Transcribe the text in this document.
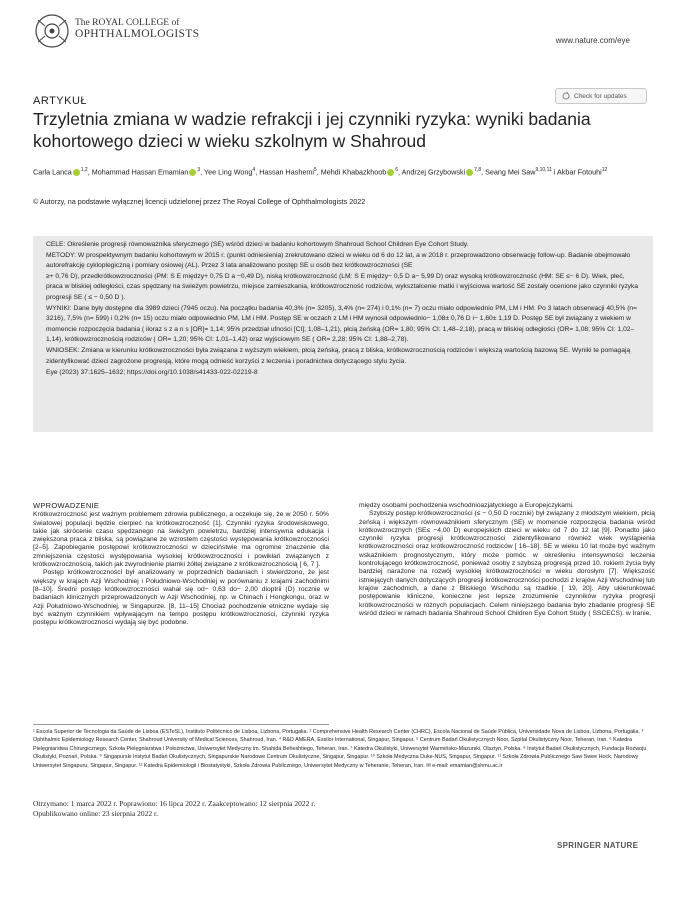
The ROYAL COLLEGE of
OPHTHALMOLOGISTS
www.nature.com/eye
ARTYKUŁ	Check for updates
Trzyletnia zmiana w wadzie refrakcji i jej czynniki ryzyka: wyniki badania kohortowego dzieci w wieku szkolnym w Shahroud
Carla Lanca $^{1,2}$, Mohammad Hassan Emamian $^3$, Yee Ling Wong$^4$, Hassan Hashemi$^5$, Mehdi Khabazkhoob $^6$, Andrzej Grzybowski $^{7,8}$, Seang Mei Saw$^{9,10,11}$ i Akbar Fotouhi$^{12}$
© Autorzy, na podstawie wyłącznej licencji udzielonej przez The Royal College of Ophthalmologists 2022

CELE: Określenie progresji równoważnika sferycznego (SE) wśród dzieci w badaniu kohortowym Shahroud School Children Eye Cohort Study.

METODY: W prospektywnym badaniu kohortowym w 2015 r. (punkt odniesienia) zrekrutowano dzieci w wieku od 6 do 12 lat, a w 2018 r. przeprowadzono obserwację follow-up. Badanie obejmowało autorefrakcję cykloplegiczną i pomiary osiowej (AL). Przez 3 lata analizowano postęp SE u osób bez krótkowzroczności (SE

≥+ 0,76 D), przedkrótkowzroczności (PM: S E między+ 0,75 D a −0,49 D), niską krótkowzroczność (LM: S E między− 0,5 D a− 5,99 D) oraz wysoką krótkowzroczność (HM: SE ≤− 6 D). Wiek, płeć, praca w bliskiej odległości, czas spędzany na świeżym powietrzu, miejsce zamieszkania, krótkowzroczność rodziców, wykształcenie matki i wyjściowa wartość SE zostały ocenione jako czynniki ryzyka progresji SE ( ≤ − 0,50 D ).

WYNIKI: Dane były dostępne dla 3989 dzieci (7945 oczu). Na początku badania 40,3% (n= 3205), 3,4% (n= 274) i 0,1% (n= 7) oczu miało odpowiednio PM, LM i HM. Po 3 latach obserwacji 40,5% (n= 3216), 7,5% (n= 599) i 0,2% (n= 15) oczu miało odpowiednio PM, LM i HM. Postęp SE w oczach z LM i HM wynosił odpowiednio− 1,08± 0,76 D i− 1,60± 1,19 D. Postęp SE był związany z wiekiem w momencie rozpoczęcia badania ( iloraz s z a n s [OR]= 1,14; 95% przedział ufności [CI]; 1,08–1,21), płcią żeńską (OR= 1,80; 95% CI: 1,48–2,18), pracą w bliskiej odległości (OR= 1,08; 95% CI: 1,02–1,14), krótkowzrocznością rodziców ( OR= 1,20; 95% CI: 1,01–1,42) oraz wyjściowym SE ( OR= 2,28; 95% CI: 1,88–2,78).

WNIOSEK: Zmiana w kierunku krótkowzroczności była związana z wyższym wiekiem, płcią żeńską, pracą z bliska, krótkowzrocznością rodziców i większą wartością bazową SE. Wyniki te pomagają zidentyfikować dzieci zagrożone progresją, które mogą odnieść korzyści z leczenia i poradnictwa dotyczącego stylu życia.

Eye (2023) 37:1625–1632; https://doi.org/10.1038/s41433-022-02219-8

WPROWADZENIE

Krótkowzroczność jest ważnym problemem zdrowia publicznego, a oczekuje się, że w 2050 r. 50% światowej populacji będzie cierpieć na krótkowzroczność [1]. Czynniki ryzyka środowiskowego, takie jak skrócenie czasu spędzanego na świeżym powietrzu, bardziej intensywna edukacja i zwiększona praca z bliska, są powiązane ze wzrostem częstości występowania krótkowzroczności [2–5]. Zapobieganie postępowi krótkowzroczności w dzieciństwie ma ogromne znaczenie dla zmniejszenia częstości występowania wysokiej krótkowzroczności i powikłań związanych z krótkowzrocznością, takich jak zwyrodnienie plamki żółtej związane z krótkowzrocznością [ 6, 7 ].

Postęp krótkowzroczności był analizowany w poprzednich badaniach i stwierdzono, że jest większy w krajach Azji Wschodniej i Południowo-Wschodniej w porównaniu z krajami zachodnimi [8–10]. Średni postęp krótkowzroczności wahał się od− 0,63 do− 2,00 dioptrii (D) rocznie w badaniach klinicznych przeprowadzonych w Azji Wschodniej, np. w Chinach i Hongkongu, oraz w Azji Południowo-Wschodniej, w Singapurze. [8, 11–15] Chociaż pochodzenie etniczne wydaje się być ważnym czynnikiem wpływającym na tempo postępu krótkowzroczności, czynniki ryzyka postępu krótkowzroczności wydają się być podobne.

między osobami pochodzenia wschodnioazjatyckiego a Europejczykami.

Szybszy postęp krótkowzroczności (≤ − 0,50 D rocznie) był związany z młodszym wiekiem, płcią żeńską i większym równoważnikiem sferycznym (SE) w momencie rozpoczęcia badania wśród krótkowzrocznych (SE≤ −4,00 D) europejskich dzieci w wieku od 7 do 12 lat [9]. Ponadto jako czynniki ryzyka progresji krótkowzroczności zidentyfikowano również wiek wystąpienia krótkowzroczności oraz krótkowzroczność rodziców [ 16–18]. SE w wieku 10 lat może być ważnym wskaźnikiem prognostycznym, który może pomóc w określeniu intensywności leczenia kontrolującego krótkowzroczność, ponieważ osoby z szybszą progresją przed 10. rokiem życia były bardziej narażone na rozwój wysokiej krótkowzroczności w wieku dorosłym [7]. Większość istniejących danych dotyczących progresji krótkowzroczności pochodzi z krajów Azji Wschodniej lub krajów zachodnich, a dane z Bliskiego Wschodu są rzadkie [ 19, 20]. Aby ukierunkować postępowanie kliniczne, konieczne jest lepsze zrozumienie czynników ryzyka progresji krótkowzroczności w różnych populacjach. Celem niniejszego badania było zbadanie progresji SE wśród dzieci w ramach badania Shahroud School Children Eye Cohort Study ( SSCECS). w Iranie.

¹ Escola Superior de Tecnologia da Saúde de Lisboa (ESTeSL), Instituto Politécnico de Lisboa, Lizbona, Portugalia. ² Comprehensive Health Research Center (CHRC), Escola Nacional de Saúde Pública, Universidade Nova de Lisboa, Lizbona, Portugalia. ³ Ophthalmic Epidemiology Research Center, Shahroud University of Medical Sciences, Shahroud, Iran. ⁴ R&D AMERA, Essilor International, Singapur, Singapur. ⁵ Centrum Badań Okulistycznych Noor, Szpital Okulistyczny Noor, Teheran, Iran. ⁶ Katedra Pielęgniarstwa Chirurgicznego, Szkoła Pielęgniarstwa i Położnictwa, Uniwersytet Medyczny im. Shahida Beheshtiego, Teheran, Iran. ⁷ Katedra Okulistyki, Uniwersytet Warmińsko-Mazurski, Olsztyn, Polska. ⁸ Instytut Badań Okulistycznych, Fundacja Rozwoju Okulistyki, Poznań, Polska. ⁹ Singapurski Instytut Badań Okulistycznych, Singapurskie Narodowe Centrum Okulistyczne, Singapur, Singapur. ¹⁰ Szkoła Medyczna Duke-NUS, Singapur, Singapur. ¹¹ Szkoła Zdrowia Publicznego Saw Swee Hock, Narodowy Uniwersytet Singapuru, Singapur, Singapur. ¹² Katedra Epidemiologii i Biostatystyki, Szkoła Zdrowia Publicznego, Uniwersytet Medyczny w Teheranie, Teheran, Iran. ✉ e-mail: emamian@shmu.ac.ir
Otrzymano: 1 marca 2022 r. Poprawiono: 16 lipca 2022 r. Zaakceptowano: 12 sierpnia 2022 r.
Opublikowano online: 23 sierpnia 2022 r.
SPRINGER NATURE
